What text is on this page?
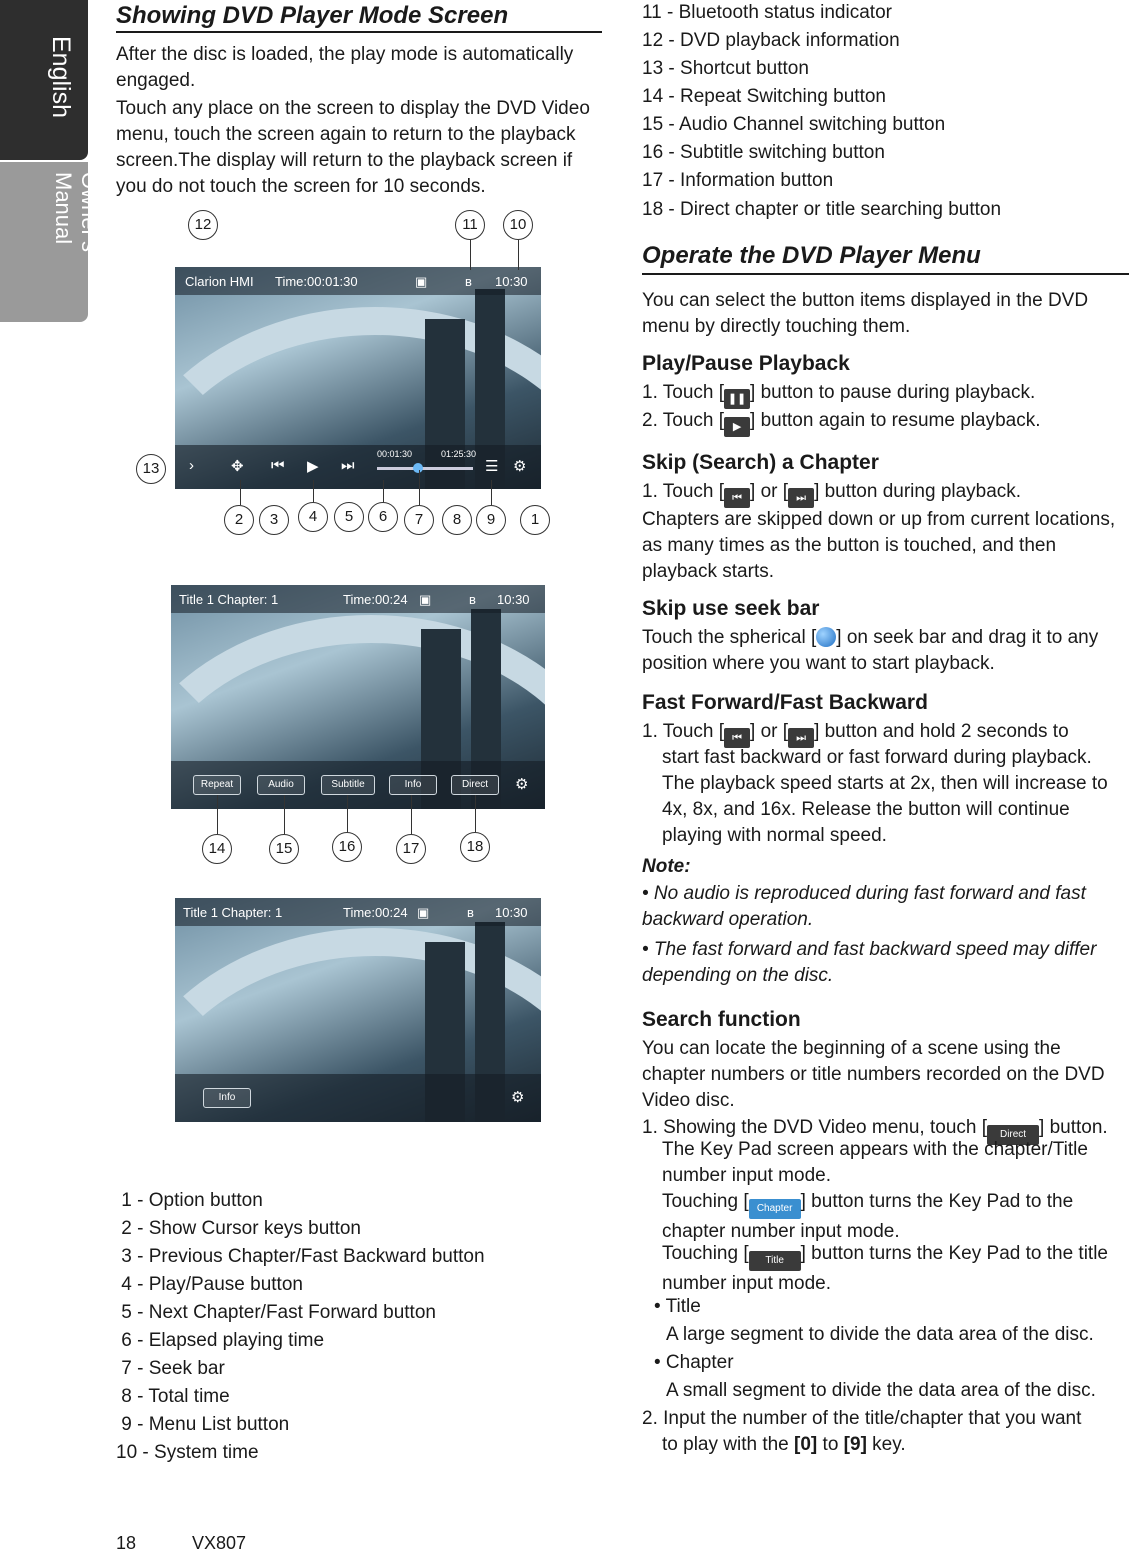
English
Owner's Manual
Showing DVD Player Mode Screen
After the disc is loaded, the play mode is automatically engaged.
Touch any place on the screen to display the DVD Video menu, touch the screen again to return to the playback screen.The display will return to the playback screen if you do not touch the screen for 10 seconds.
Clarion HMI Time:00:01:30	▣	ʙ 10:30
› ✥ ⏮ ▶ ⏭
00:01:30	01:25:30
☰ ⚙
12	11	10
13
2	3	4	5	6	7	8	9	1
Title 1 Chapter: 1	Time:00:24 ▣	ʙ 10:30
Repeat	Audio	Subtitle	Info	Direct	⚙
14	15	16	17	18
Title 1 Chapter: 1	Time:00:24 ▣	ʙ 10:30
Info	⚙
1 - Option button
2 - Show Cursor keys button
3 - Previous Chapter/Fast Backward button
4 - Play/Pause button
5 - Next Chapter/Fast Forward button
6 - Elapsed playing time
7 - Seek bar
8 - Total time
9 - Menu List button
10 - System time
11 - Bluetooth status indicator
12 - DVD playback information
13 - Shortcut button
14 - Repeat Switching button
15 - Audio Channel switching button
16 - Subtitle switching button
17 - Information button
18 - Direct chapter or title searching button
Operate the DVD Player Menu
You can select the button items displayed in the DVD menu by directly touching them.
Play/Pause Playback
1. Touch [ ❚❚ ] button to pause during playback.
2. Touch [ ▶ ] button again to resume playback.
Skip (Search) a Chapter
1. Touch [ ⏮ ] or [ ⏭ ] button during playback.
Chapters are skipped down or up from current locations, as many times as the button is touched, and then playback starts.
Skip use seek bar
Touch the spherical [ ] on seek bar and drag it to any position where you want to start playback.
Fast Forward/Fast Backward
1. Touch [ ⏮ ] or [ ⏭ ] button and hold 2 seconds to
start fast backward or fast forward during playback. The playback speed starts at 2x, then will increase to 4x, 8x, and 16x. Release the button will continue playing with normal speed.
Note:
• No audio is reproduced during fast forward and fast backward operation.
• The fast forward and fast backward speed may differ depending on the disc.
Search function
You can locate the beginning of a scene using the chapter numbers or title numbers recorded on the DVD Video disc.
1. Showing the DVD Video menu, touch [ Direct ] button.
The Key Pad screen appears with the chapter/Title number input mode.
Touching [ Chapter ] button turns the Key Pad to the chapter number input mode.
Touching [ Title ] button turns the Key Pad to the title number input mode.
• Title
A large segment to divide the data area of the disc.
• Chapter
A small segment to divide the data area of the disc.
2. Input the number of the title/chapter that you want
to play with the [0] to [9] key.
18	VX807
